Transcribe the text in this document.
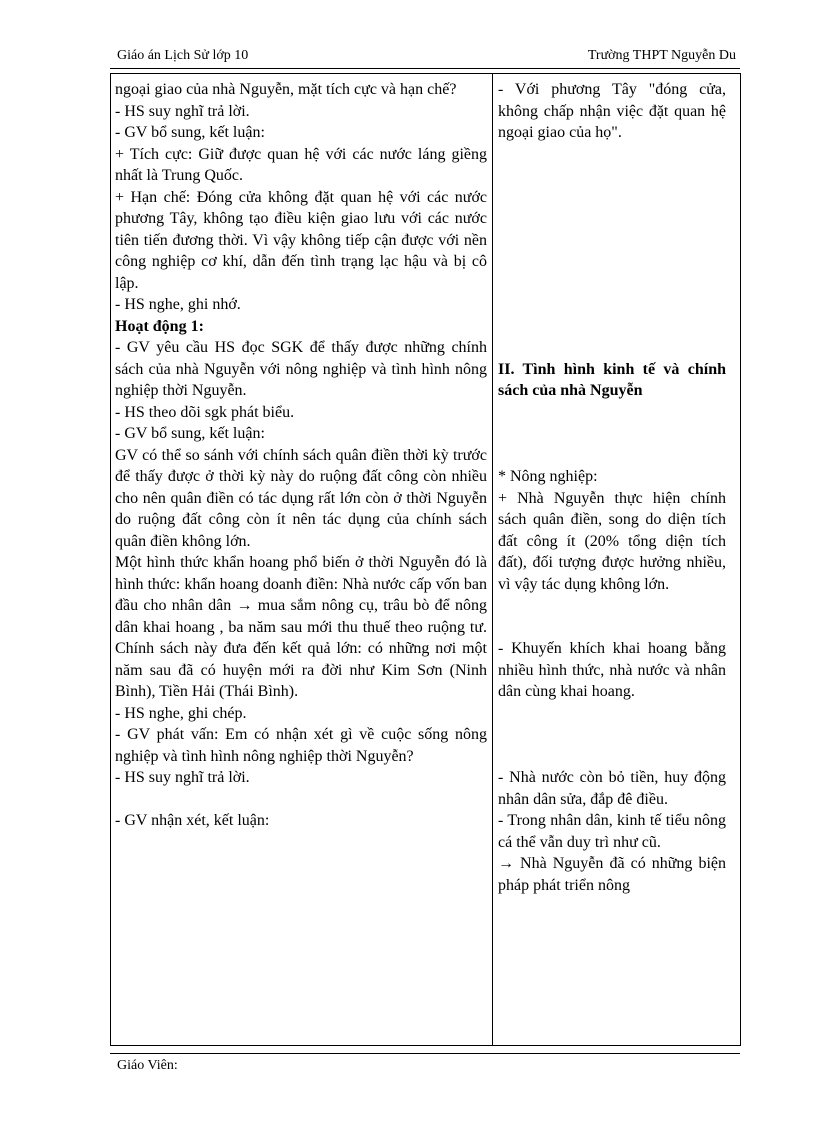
Giáo án Lịch Sử lớp 10	Trường THPT Nguyễn Du

ngoại giao của nhà Nguyễn, mặt tích cực và hạn chế?

- HS suy nghĩ trả lời.

- GV bổ sung, kết luận:

+ Tích cực: Giữ được quan hệ với các nước láng giềng nhất là Trung Quốc.

+ Hạn chế: Đóng cửa không đặt quan hệ với các nước phương Tây, không tạo điều kiện giao lưu với các nước tiên tiến đương thời. Vì vậy không tiếp cận được với nền công nghiệp cơ khí, dẫn đến tình trạng lạc hậu và bị cô lập.

- HS nghe, ghi nhớ.

Hoạt động 1:

- GV yêu cầu HS đọc SGK để thấy được những chính sách của nhà Nguyễn với nông nghiệp và tình hình nông nghiệp thời Nguyễn.

- HS theo dõi sgk phát biểu.

- GV bổ sung, kết luận:

GV có thể so sánh với chính sách quân điền thời kỳ trước để thấy được ở thời kỳ này do ruộng đất công còn nhiều cho nên quân điền có tác dụng rất lớn còn ở thời Nguyễn do ruộng đất công còn ít nên tác dụng của chính sách quân điền không lớn.

Một hình thức khẩn hoang phổ biến ở thời Nguyễn đó là hình thức: khẩn hoang doanh điền: Nhà nước cấp vốn ban đầu cho nhân dân → mua sắm nông cụ, trâu bò để nông dân khai hoang , ba năm sau mới thu thuế theo ruộng tư. Chính sách này đưa đến kết quả lớn: có những nơi một năm sau đã có huyện mới ra đời như Kim Sơn (Ninh Bình), Tiền Hải (Thái Bình).

- HS nghe, ghi chép.

- GV phát vấn: Em có nhận xét gì về cuộc sống nông nghiệp và tình hình nông nghiệp thời Nguyễn?

- HS suy nghĩ trả lời.

- GV nhận xét, kết luận:

- Với phương Tây "đóng cửa, không chấp nhận việc đặt quan hệ ngoại giao của họ".

II. Tình hình kinh tế và chính sách của nhà Nguyễn

* Nông nghiệp:

+ Nhà Nguyễn thực hiện chính sách quân điền, song do diện tích đất công ít (20% tổng diện tích đất), đối tượng được hưởng nhiều, vì vậy tác dụng không lớn.

- Khuyến khích khai hoang bằng nhiều hình thức, nhà nước và nhân dân cùng khai hoang.

- Nhà nước còn bỏ tiền, huy động nhân dân sửa, đắp đê điều.

- Trong nhân dân, kinh tế tiểu nông cá thể vẫn duy trì như cũ.

→ Nhà Nguyễn đã có những biện pháp phát triển nông

Giáo Viên:
